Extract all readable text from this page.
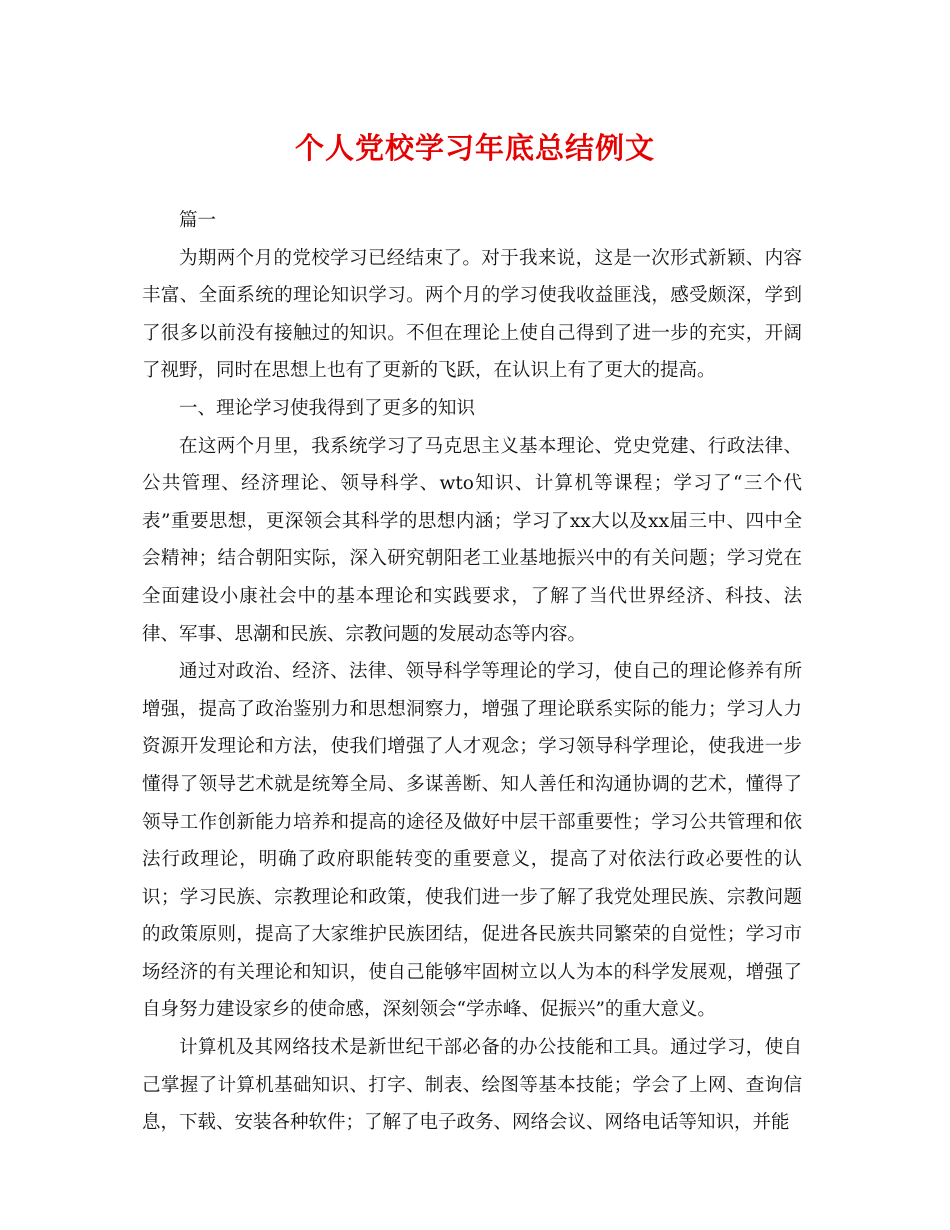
个人党校学习年底总结例文

篇一

为期两个月的党校学习已经结束了。对于我来说，这是一次形式新颖、内容丰富、全面系统的理论知识学习。两个月的学习使我收益匪浅，感受颇深，学到了很多以前没有接触过的知识。不但在理论上使自己得到了进一步的充实，开阔了视野，同时在思想上也有了更新的飞跃，在认识上有了更大的提高。

一、理论学习使我得到了更多的知识

在这两个月里，我系统学习了马克思主义基本理论、党史党建、行政法律、公共管理、经济理论、领导科学、wto知识、计算机等课程；学习了“三个代表”重要思想，更深领会其科学的思想内涵；学习了xx大以及xx届三中、四中全会精神；结合朝阳实际，深入研究朝阳老工业基地振兴中的有关问题；学习党在全面建设小康社会中的基本理论和实践要求，了解了当代世界经济、科技、法律、军事、思潮和民族、宗教问题的发展动态等内容。

通过对政治、经济、法律、领导科学等理论的学习，使自己的理论修养有所增强，提高了政治鉴别力和思想洞察力，增强了理论联系实际的能力；学习人力资源开发理论和方法，使我们增强了人才观念；学习领导科学理论，使我进一步懂得了领导艺术就是统筹全局、多谋善断、知人善任和沟通协调的艺术，懂得了领导工作创新能力培养和提高的途径及做好中层干部重要性；学习公共管理和依法行政理论，明确了政府职能转变的重要意义，提高了对依法行政必要性的认识；学习民族、宗教理论和政策，使我们进一步了解了我党处理民族、宗教问题的政策原则，提高了大家维护民族团结，促进各民族共同繁荣的自觉性；学习市场经济的有关理论和知识，使自己能够牢固树立以人为本的科学发展观，增强了自身努力建设家乡的使命感，深刻领会“学赤峰、促振兴”的重大意义。

计算机及其网络技术是新世纪干部必备的办公技能和工具。通过学习，使自己掌握了计算机基础知识、打字、制表、绘图等基本技能；学会了上网、查询信息，下载、安装各种软件；了解了电子政务、网络会议、网络电话等知识，并能
